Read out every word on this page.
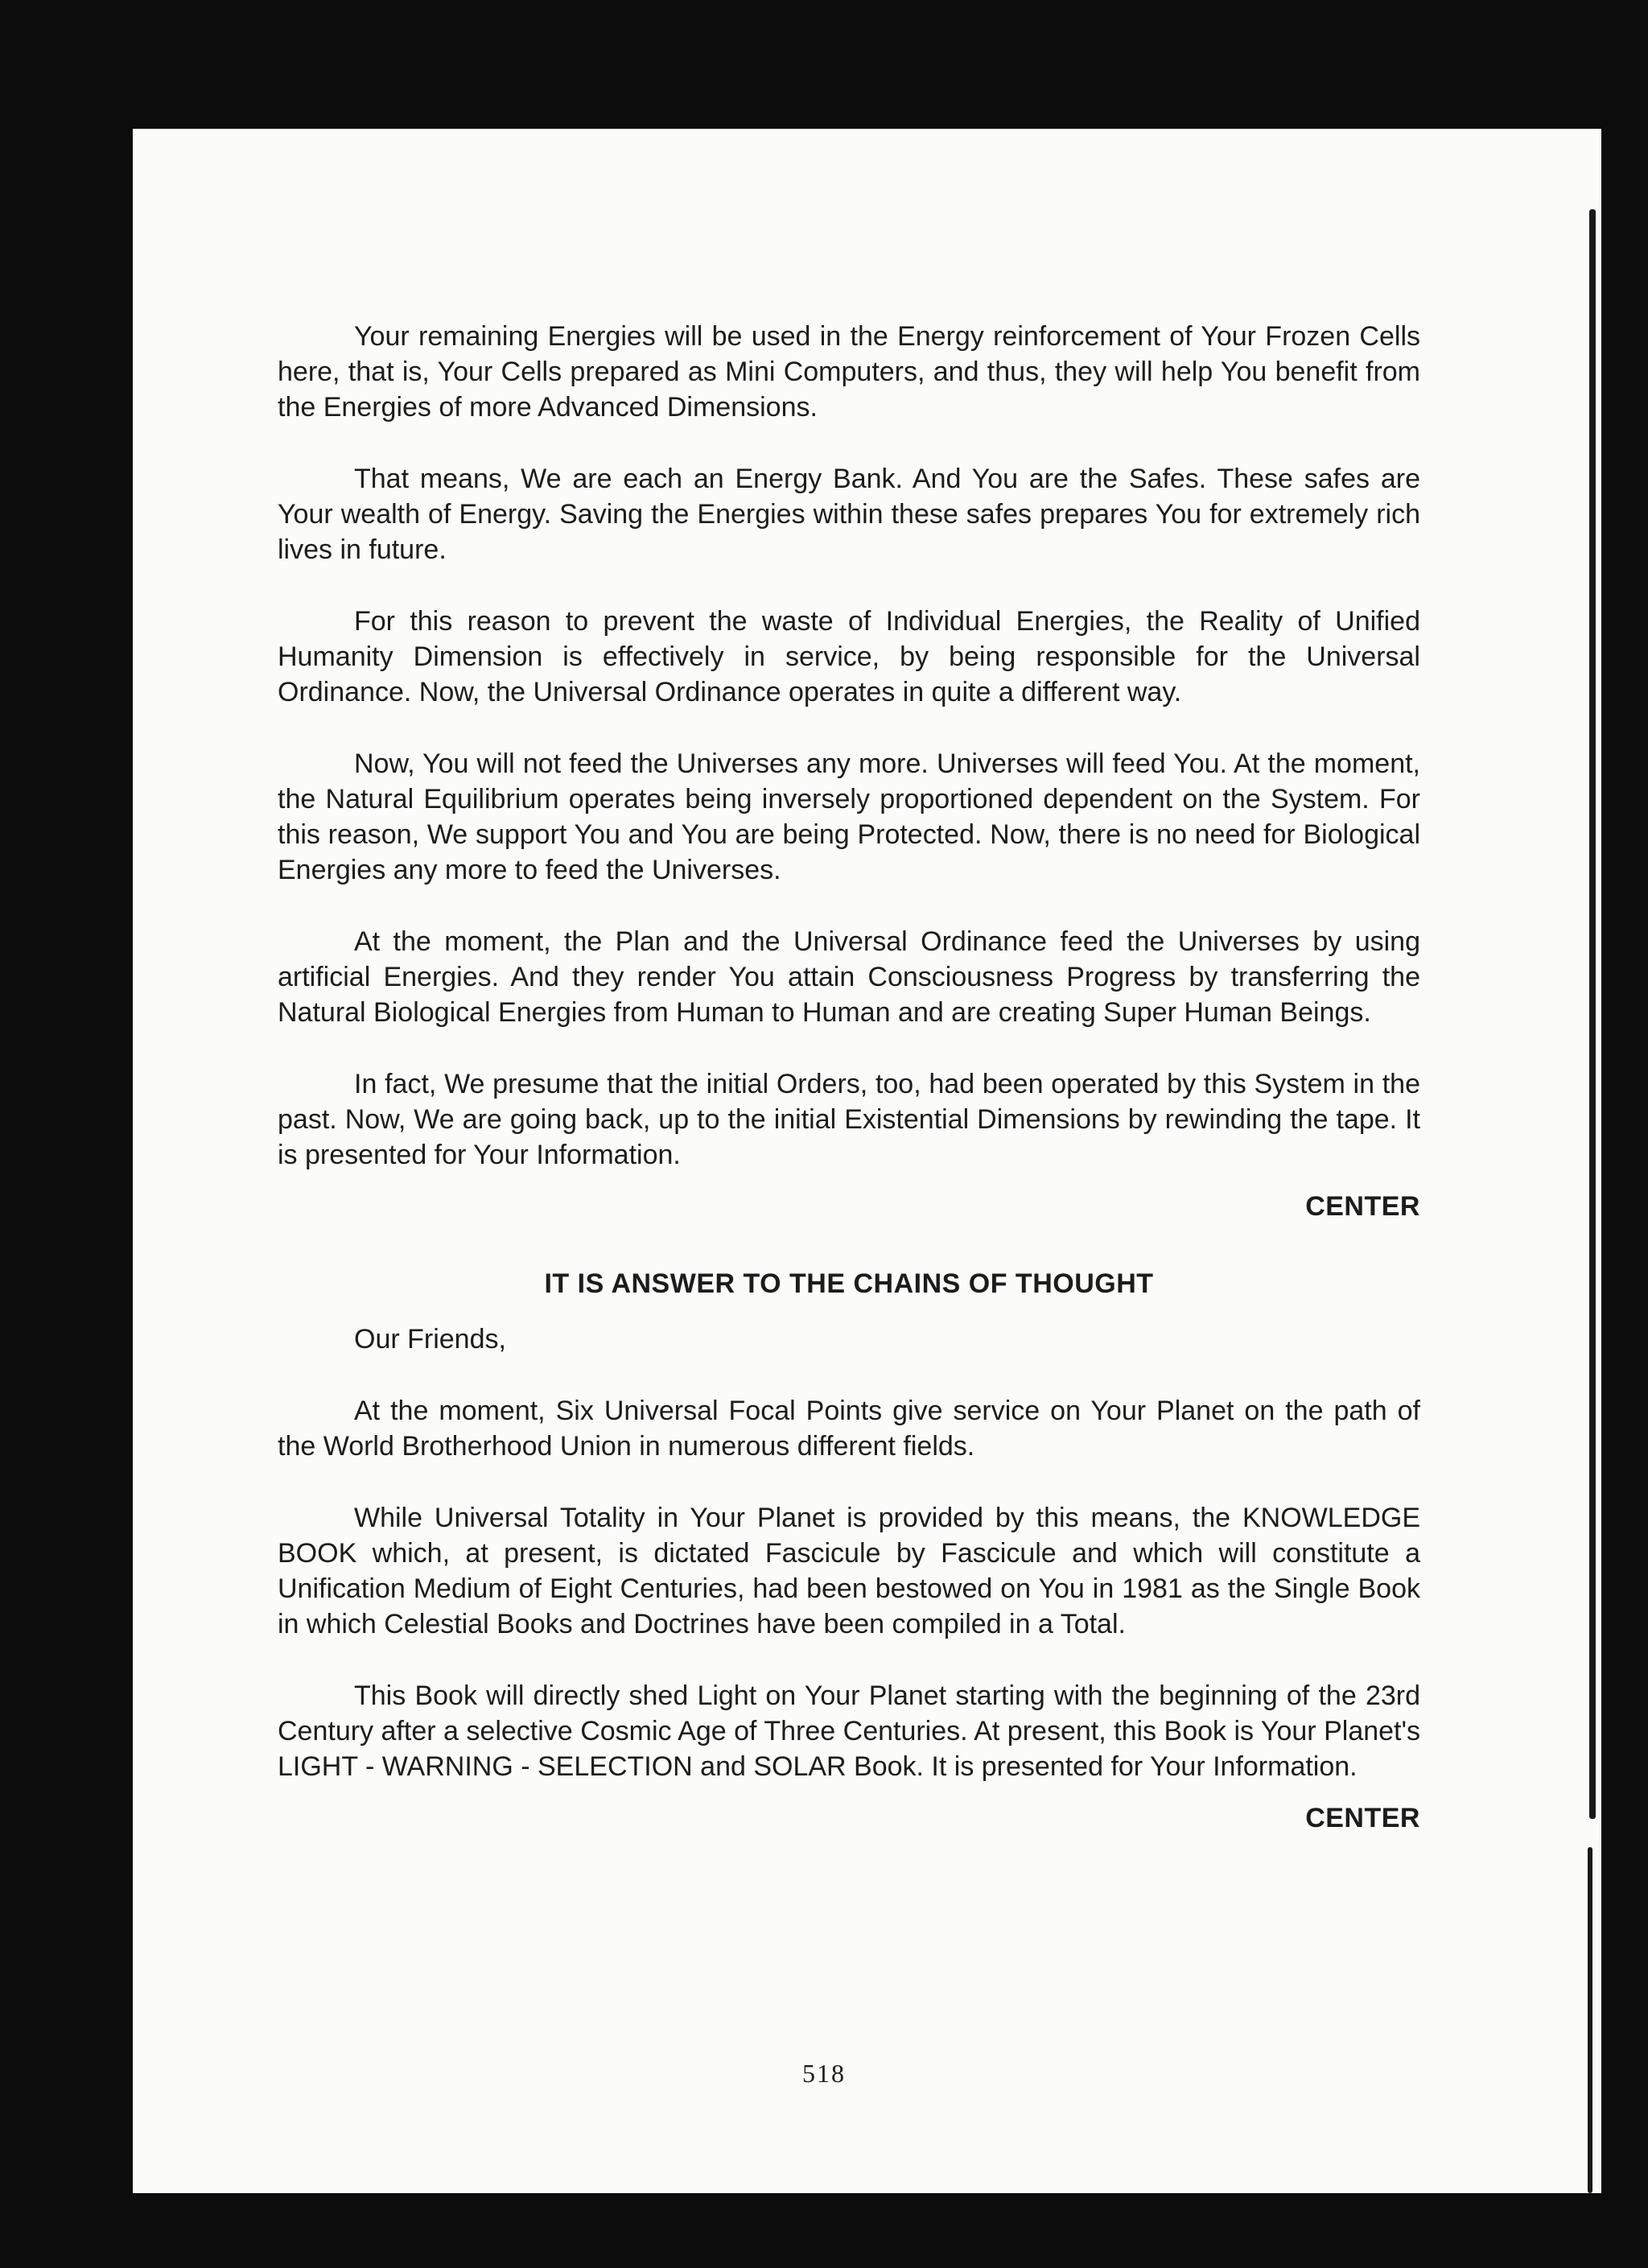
Your remaining Energies will be used in the Energy reinforcement of Your Frozen Cells here, that is, Your Cells prepared as Mini Computers, and thus, they will help You benefit from the Energies of more Advanced Dimensions.

That means, We are each an Energy Bank. And You are the Safes. These safes are Your wealth of Energy. Saving the Energies within these safes prepares You for extremely rich lives in future.

For this reason to prevent the waste of Individual Energies, the Reality of Unified Humanity Dimension is effectively in service, by being responsible for the Universal Ordinance. Now, the Universal Ordinance operates in quite a different way.

Now, You will not feed the Universes any more. Universes will feed You. At the moment, the Natural Equilibrium operates being inversely proportioned dependent on the System. For this reason, We support You and You are being Protected. Now, there is no need for Biological Energies any more to feed the Universes.

At the moment, the Plan and the Universal Ordinance feed the Universes by using artificial Energies. And they render You attain Consciousness Progress by transferring the Natural Biological Energies from Human to Human and are creating Super Human Beings.

In fact, We presume that the initial Orders, too, had been operated by this System in the past. Now, We are going back, up to the initial Existential Dimensions by rewinding the tape. It is presented for Your Information.

CENTER
IT IS ANSWER TO THE CHAINS OF THOUGHT

Our Friends,

At the moment, Six Universal Focal Points give service on Your Planet on the path of the World Brotherhood Union in numerous different fields.

While Universal Totality in Your Planet is provided by this means, the KNOWLEDGE BOOK which, at present, is dictated Fascicule by Fascicule and which will constitute a Unification Medium of Eight Centuries, had been bestowed on You in 1981 as the Single Book in which Celestial Books and Doctrines have been compiled in a Total.

This Book will directly shed Light on Your Planet starting with the beginning of the 23rd Century after a selective Cosmic Age of Three Centuries. At present, this Book is Your Planet's LIGHT - WARNING - SELECTION and SOLAR Book. It is presented for Your Information.

CENTER
518
